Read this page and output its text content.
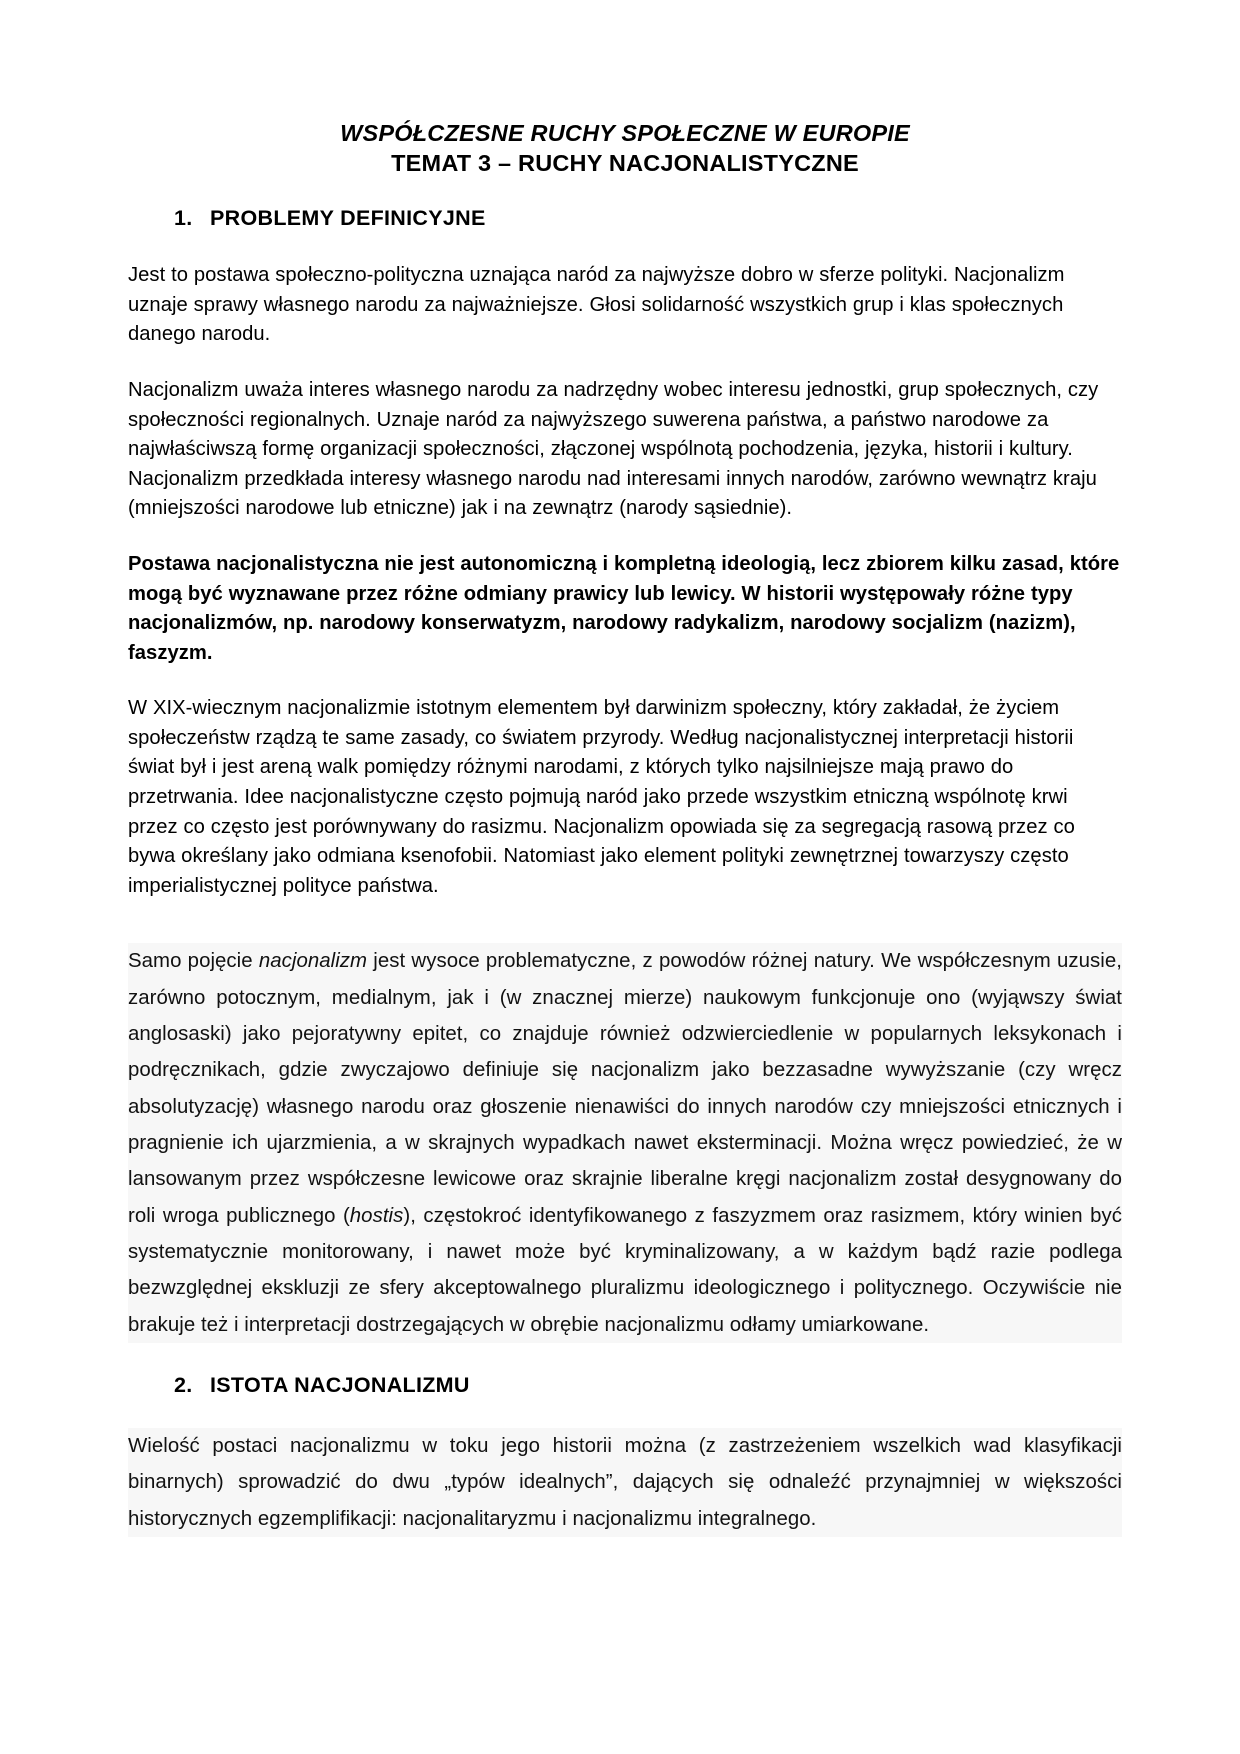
WSPÓŁCZESNE RUCHY SPOŁECZNE W EUROPIE
TEMAT 3 – RUCHY NACJONALISTYCZNE
1. PROBLEMY DEFINICYJNE

Jest to postawa społeczno-polityczna uznająca naród za najwyższe dobro w sferze polityki. Nacjonalizm uznaje sprawy własnego narodu za najważniejsze. Głosi solidarność wszystkich grup i klas społecznych danego narodu.

Nacjonalizm uważa interes własnego narodu za nadrzędny wobec interesu jednostki, grup społecznych, czy społeczności regionalnych. Uznaje naród za najwyższego suwerena państwa, a państwo narodowe za najwłaściwszą formę organizacji społeczności, złączonej wspólnotą pochodzenia, języka, historii i kultury. Nacjonalizm przedkłada interesy własnego narodu nad interesami innych narodów, zarówno wewnątrz kraju (mniejszości narodowe lub etniczne) jak i na zewnątrz (narody sąsiednie).

Postawa nacjonalistyczna nie jest autonomiczną i kompletną ideologią, lecz zbiorem kilku zasad, które mogą być wyznawane przez różne odmiany prawicy lub lewicy. W historii występowały różne typy nacjonalizmów, np. narodowy konserwatyzm, narodowy radykalizm, narodowy socjalizm (nazizm), faszyzm.

W XIX-wiecznym nacjonalizmie istotnym elementem był darwinizm społeczny, który zakładał, że życiem społeczeństw rządzą te same zasady, co światem przyrody. Według nacjonalistycznej interpretacji historii świat był i jest areną walk pomiędzy różnymi narodami, z których tylko najsilniejsze mają prawo do przetrwania. Idee nacjonalistyczne często pojmują naród jako przede wszystkim etniczną wspólnotę krwi przez co często jest porównywany do rasizmu. Nacjonalizm opowiada się za segregacją rasową przez co bywa określany jako odmiana ksenofobii. Natomiast jako element polityki zewnętrznej towarzyszy często imperialistycznej polityce państwa.

Samo pojęcie nacjonalizm jest wysoce problematyczne, z powodów różnej natury. We współczesnym uzusie, zarówno potocznym, medialnym, jak i (w znacznej mierze) naukowym funkcjonuje ono (wyjąwszy świat anglosaski) jako pejoratywny epitet, co znajduje również odzwierciedlenie w popularnych leksykonach i podręcznikach, gdzie zwyczajowo definiuje się nacjonalizm jako bezzasadne wywyższanie (czy wręcz absolutyzację) własnego narodu oraz głoszenie nienawiści do innych narodów czy mniejszości etnicznych i pragnienie ich ujarzmienia, a w skrajnych wypadkach nawet eksterminacji. Można wręcz powiedzieć, że w lansowanym przez współczesne lewicowe oraz skrajnie liberalne kręgi nacjonalizm został desygnowany do roli wroga publicznego (hostis), częstokroć identyfikowanego z faszyzmem oraz rasizmem, który winien być systematycznie monitorowany, i nawet może być kryminalizowany, a w każdym bądź razie podlega bezwzględnej ekskluzji ze sfery akceptowalnego pluralizmu ideologicznego i politycznego. Oczywiście nie brakuje też i interpretacji dostrzegających w obrębie nacjonalizmu odłamy umiarkowane.

2. ISTOTA NACJONALIZMU

Wielość postaci nacjonalizmu w toku jego historii można (z zastrzeżeniem wszelkich wad klasyfikacji binarnych) sprowadzić do dwu „typów idealnych”, dających się odnaleźć przynajmniej w większości historycznych egzemplifikacji: nacjonalitaryzmu i nacjonalizmu integralnego.
